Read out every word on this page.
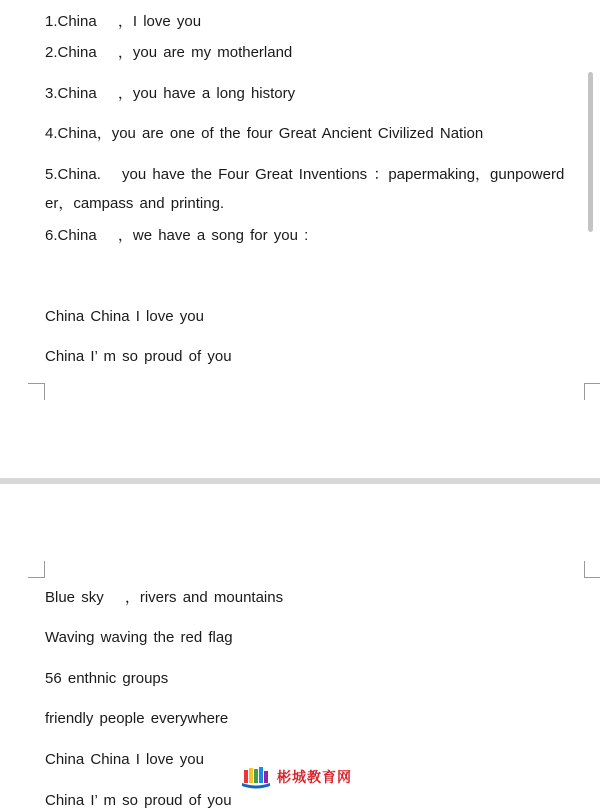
1.China 　，I love you
2.China 　，you are my motherland
3.China 　，you have a long history
4.China，you are one of the four Great Ancient Civilized Nation
5.China. 　you have the Four Great Inventions ：papermaking，gunpowerd
er，campass and printing.
6.China 　，we have a song for you :
China China I love you
China I’ m so proud of you
Blue sky 　，rivers and mountains
Waving waving the red flag
56 enthnic groups
friendly people everywhere
China China I love you
China I’ m so proud of you
彬城教育网
